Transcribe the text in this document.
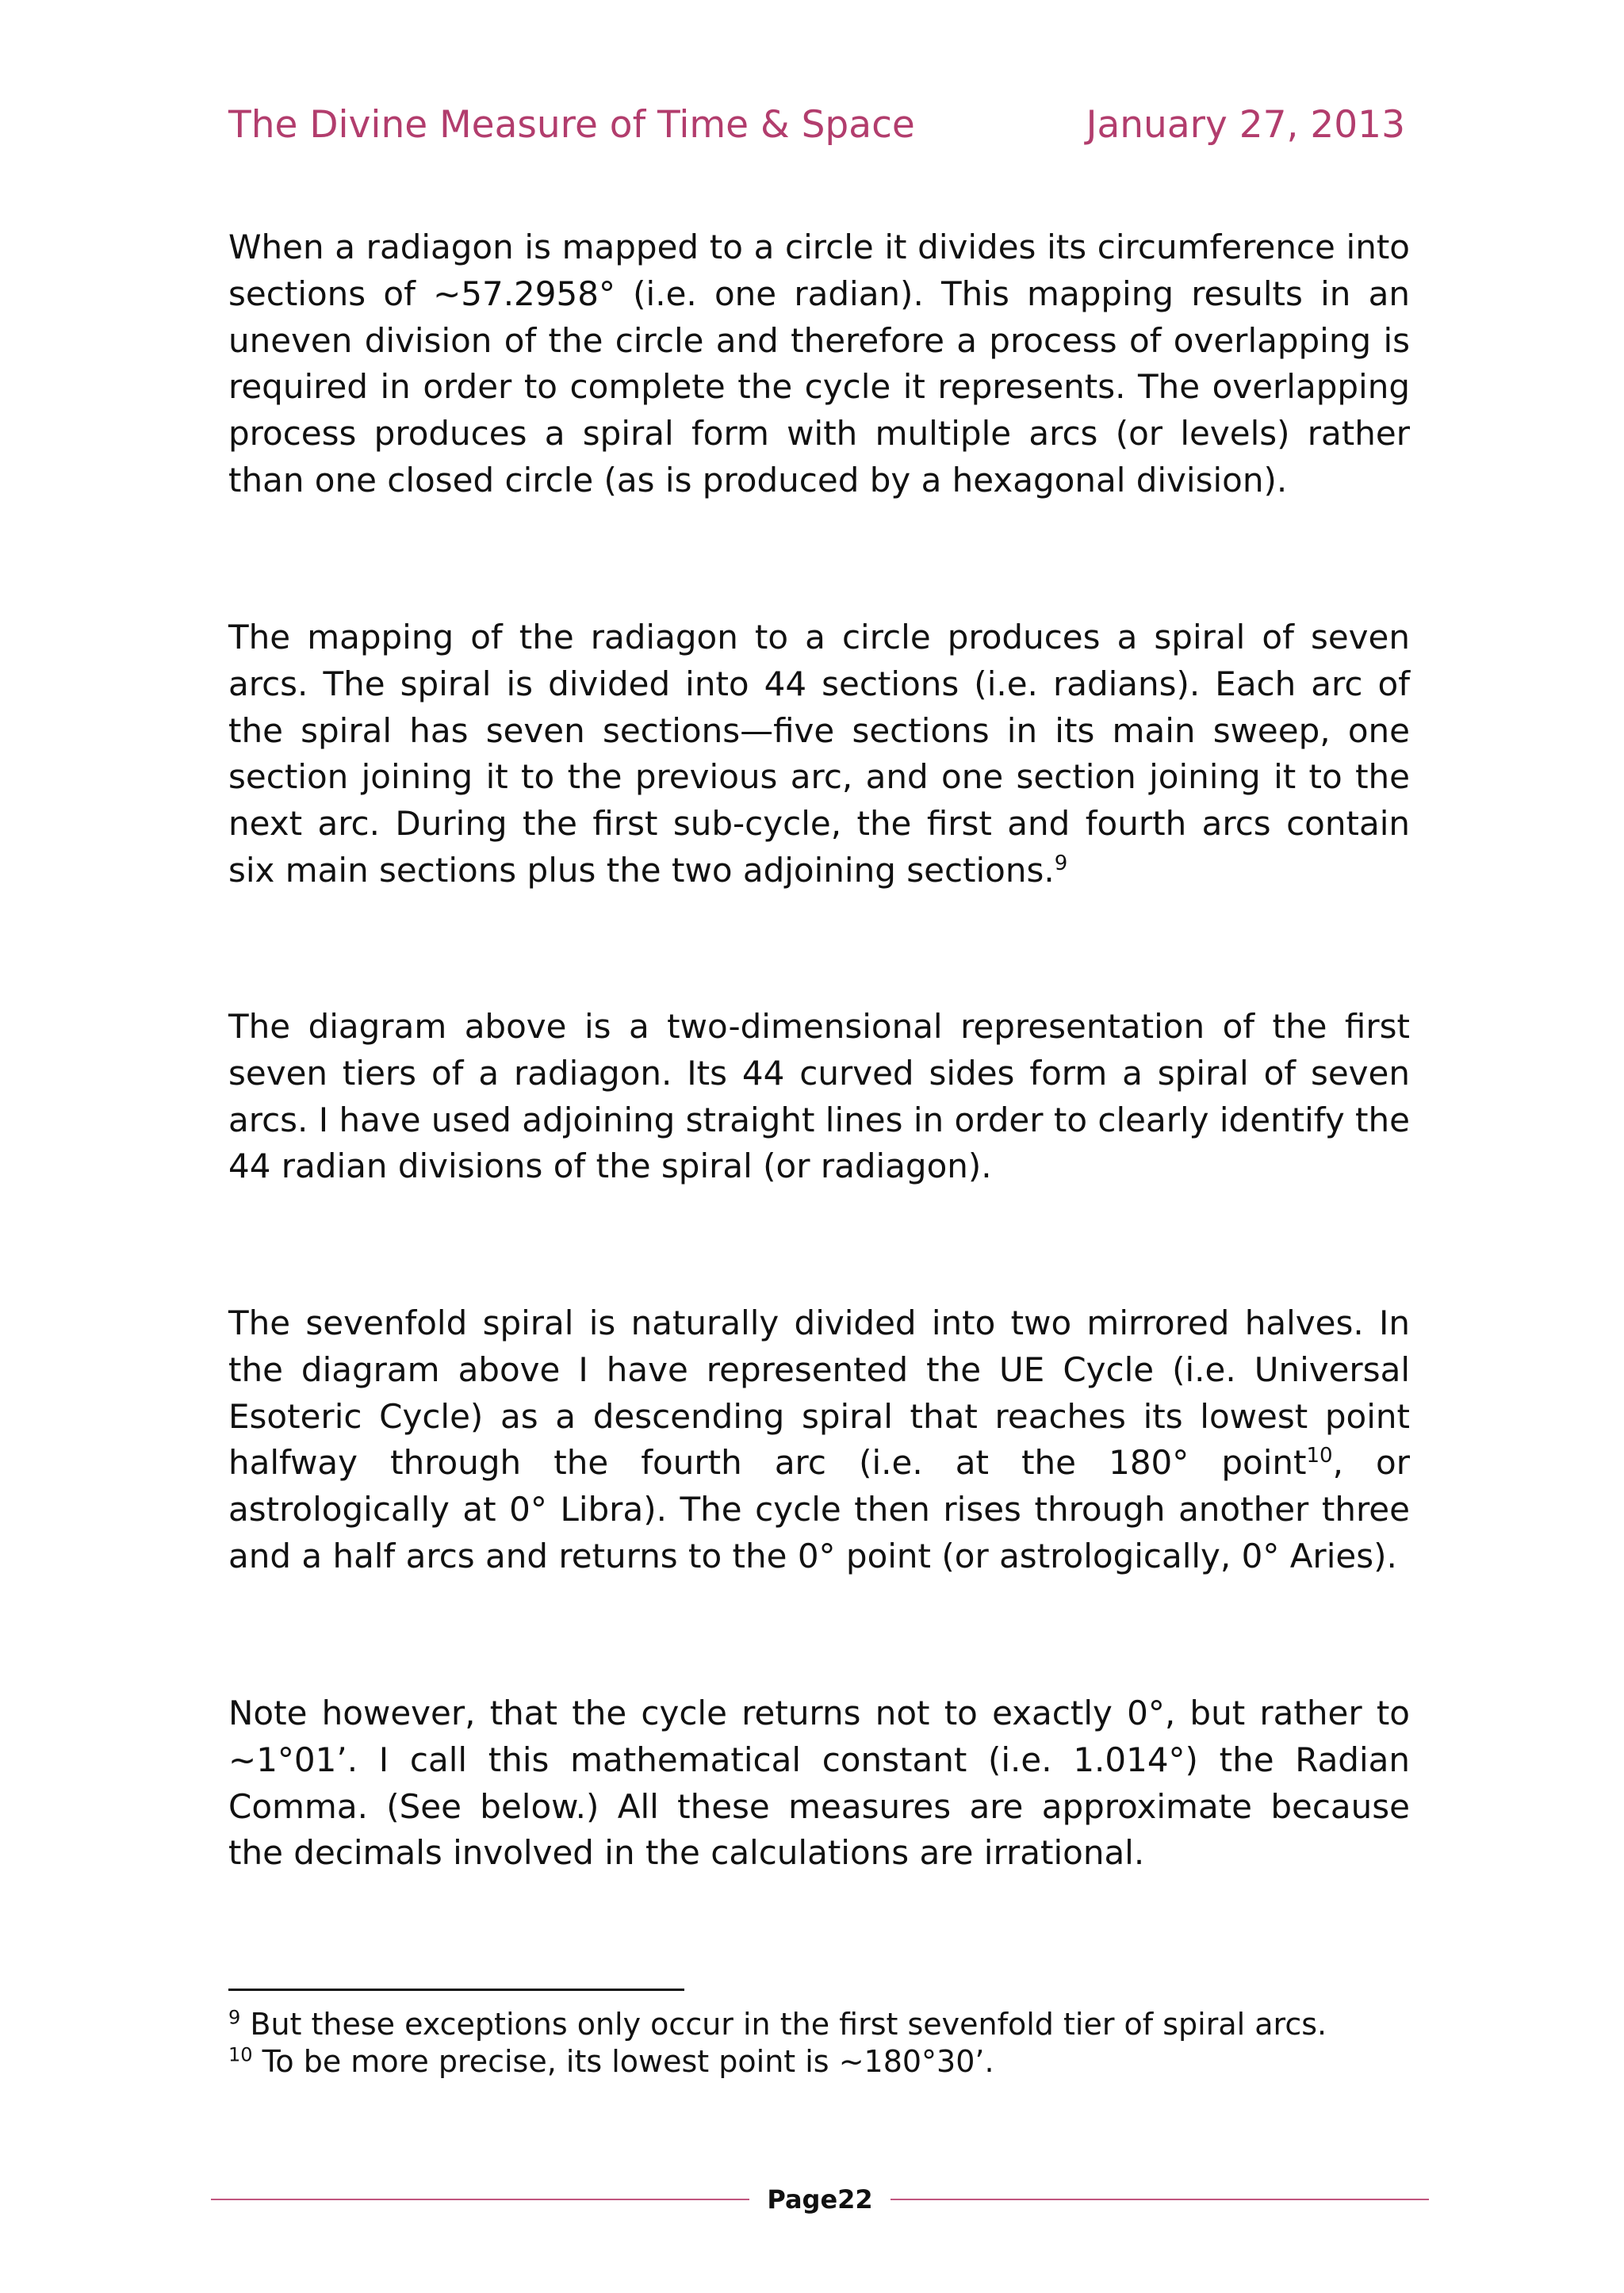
The Divine Measure of Time & Space	January 27, 2013

When a radiagon is mapped to a circle it divides its circumference into sections of ~57.2958° (i.e. one radian). This mapping results in an uneven division of the circle and therefore a process of overlapping is required in order to complete the cycle it represents. The overlapping process produces a spiral form with multiple arcs (or levels) rather than one closed circle (as is produced by a hexagonal division).

The mapping of the radiagon to a circle produces a spiral of seven arcs. The spiral is divided into 44 sections (i.e. radians). Each arc of the spiral has seven sections—five sections in its main sweep, one section joining it to the previous arc, and one section joining it to the next arc. During the first sub-cycle, the first and fourth arcs contain six main sections plus the two adjoining sections.$^9$

The diagram above is a two-dimensional representation of the first seven tiers of a radiagon. Its 44 curved sides form a spiral of seven arcs. I have used adjoining straight lines in order to clearly identify the 44 radian divisions of the spiral (or radiagon).

The sevenfold spiral is naturally divided into two mirrored halves. In the diagram above I have represented the UE Cycle (i.e. Universal Esoteric Cycle) as a descending spiral that reaches its lowest point halfway through the fourth arc (i.e. at the 180° point$^{10}$, or astrologically at 0° Libra). The cycle then rises through another three and a half arcs and returns to the 0° point (or astrologically, 0° Aries).

Note however, that the cycle returns not to exactly 0°, but rather to ~1°01’. I call this mathematical constant (i.e. 1.014°) the Radian Comma. (See below.) All these measures are approximate because the decimals involved in the calculations are irrational.

$^9$ But these exceptions only occur in the first sevenfold tier of spiral arcs.

$^{10}$ To be more precise, its lowest point is ~180°30’.

Page22
